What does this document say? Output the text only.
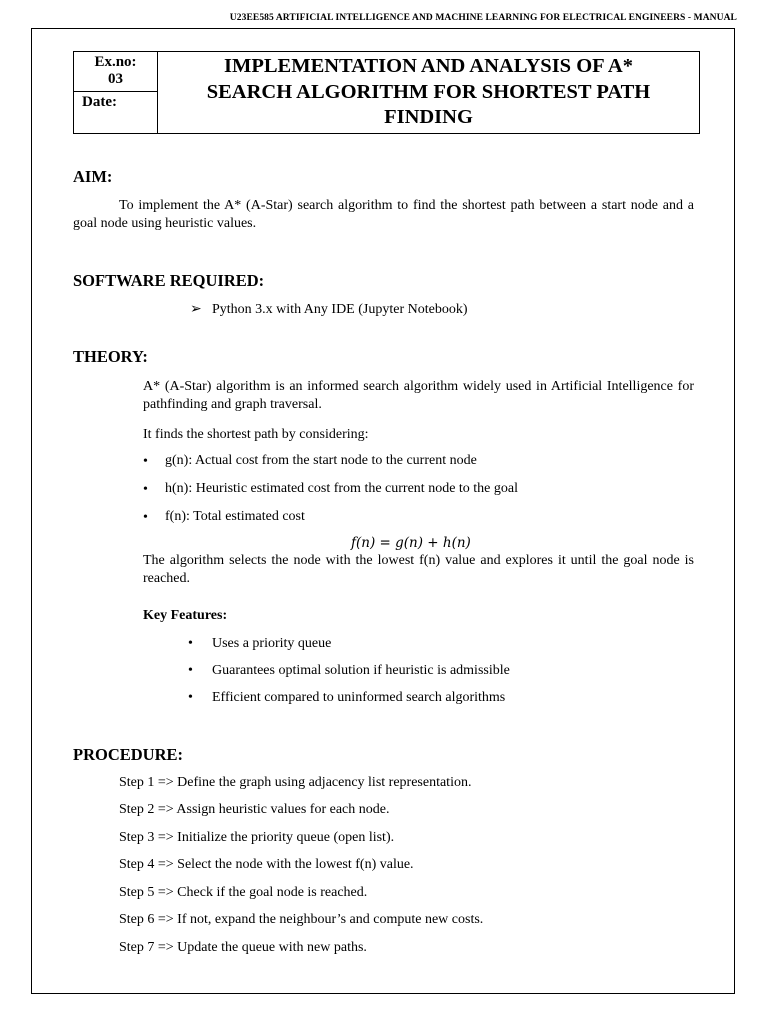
U23EE585 ARTIFICIAL INTELLIGENCE AND MACHINE LEARNING FOR ELECTRICAL ENGINEERS - MANUAL
Ex.no:
03
Date:
IMPLEMENTATION AND ANALYSIS OF A*
SEARCH ALGORITHM FOR SHORTEST PATH
FINDING
AIM:
To implement the A* (A-Star) search algorithm to find the shortest path between a start node and a goal node using heuristic values.
SOFTWARE REQUIRED:
➢ Python 3.x with Any IDE (Jupyter Notebook)
THEORY:
A* (A-Star) algorithm is an informed search algorithm widely used in Artificial Intelligence for pathfinding and graph traversal.
It finds the shortest path by considering:
• g(n): Actual cost from the start node to the current node
• h(n): Heuristic estimated cost from the current node to the goal
• f(n): Total estimated cost
f(n) = g(n) + h(n)
The algorithm selects the node with the lowest f(n) value and explores it until the goal node is reached.
Key Features:
• Uses a priority queue
• Guarantees optimal solution if heuristic is admissible
• Efficient compared to uninformed search algorithms
PROCEDURE:
Step 1 => Define the graph using adjacency list representation.
Step 2 => Assign heuristic values for each node.
Step 3 => Initialize the priority queue (open list).
Step 4 => Select the node with the lowest f(n) value.
Step 5 => Check if the goal node is reached.
Step 6 => If not, expand the neighbour’s and compute new costs.
Step 7 => Update the queue with new paths.
